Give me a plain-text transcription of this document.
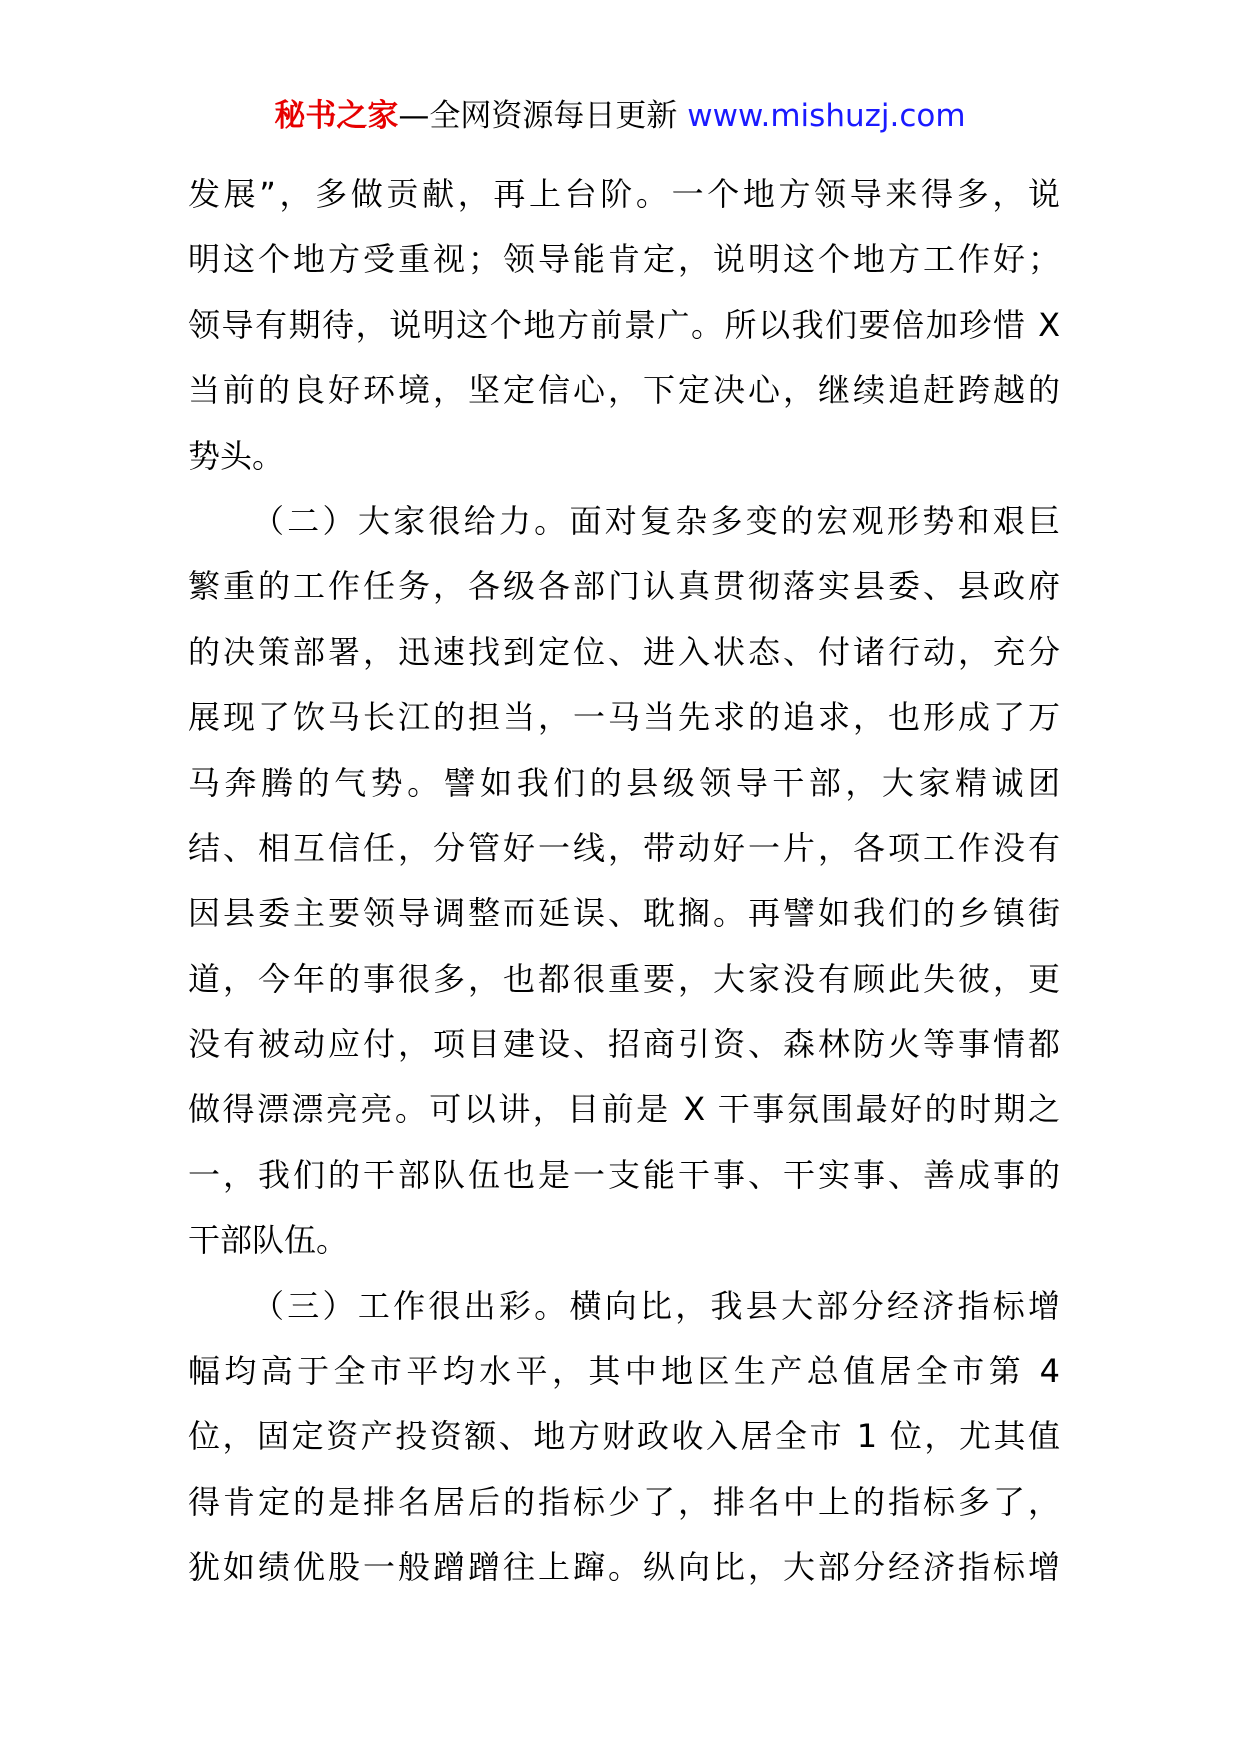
秘书之家—全网资源每日更新 www.mishuzj.com
发展”，多做贡献，再上台阶。一个地方领导来得多，说
明这个地方受重视；领导能肯定，说明这个地方工作好；
领导有期待，说明这个地方前景广。所以我们要倍加珍惜 X
当前的良好环境，坚定信心，下定决心，继续追赶跨越的
势头。
（二）大家很给力。面对复杂多变的宏观形势和艰巨
繁重的工作任务，各级各部门认真贯彻落实县委、县政府
的决策部署，迅速找到定位、进入状态、付诸行动，充分
展现了饮马长江的担当，一马当先求的追求，也形成了万
马奔腾的气势。譬如我们的县级领导干部，大家精诚团
结、相互信任，分管好一线，带动好一片，各项工作没有
因县委主要领导调整而延误、耽搁。再譬如我们的乡镇街
道，今年的事很多，也都很重要，大家没有顾此失彼，更
没有被动应付，项目建设、招商引资、森林防火等事情都
做得漂漂亮亮。可以讲，目前是 X 干事氛围最好的时期之
一，我们的干部队伍也是一支能干事、干实事、善成事的
干部队伍。
（三）工作很出彩。横向比，我县大部分经济指标增
幅均高于全市平均水平，其中地区生产总值居全市第 4
位，固定资产投资额、地方财政收入居全市 1 位，尤其值
得肯定的是排名居后的指标少了，排名中上的指标多了，
犹如绩优股一般蹭蹭往上蹿。纵向比，大部分经济指标增
